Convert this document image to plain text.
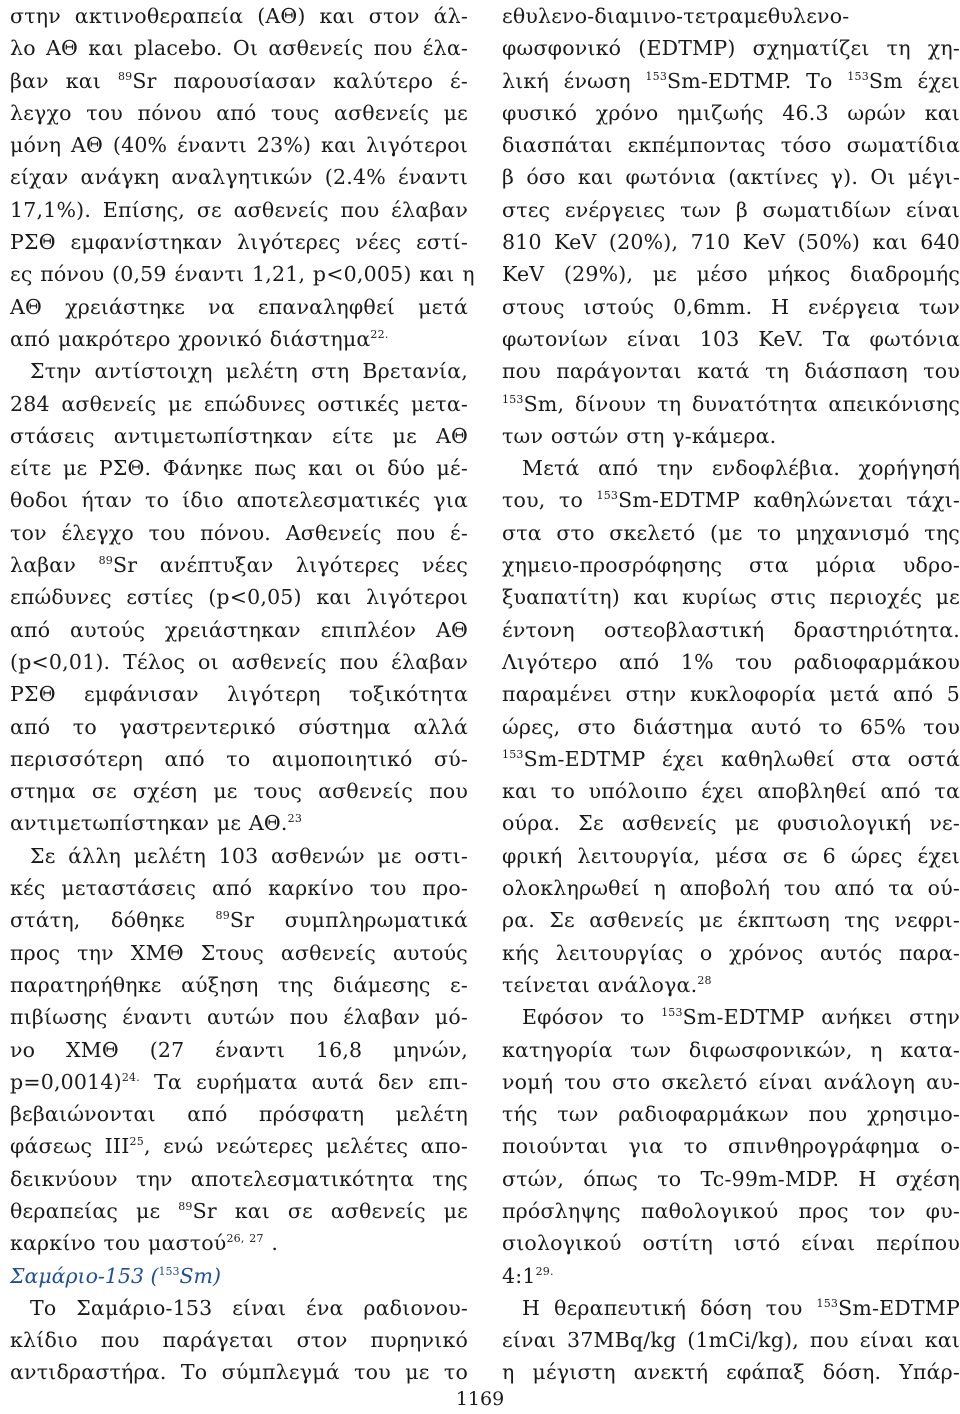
στην ακτινοθεραπεία (ΑΘ) και στον άλ-
λο ΑΘ και placebo. Οι ασθενείς που έλα-
βαν και $^{89}$Sr παρουσίασαν καλύτερο έ-
λεγχο του πόνου από τους ασθενείς με
μόνη ΑΘ (40% έναντι 23%) και λιγότεροι
είχαν ανάγκη αναλγητικών (2.4% έναντι
17,1%). Επίσης, σε ασθενείς που έλαβαν
ΡΣΘ εμφανίστηκαν λιγότερες νέες εστί-
ες πόνου (0,59 έναντι 1,21, p<0,005) και η
ΑΘ χρειάστηκε να επαναληφθεί μετά
από μακρότερο χρονικό διάστημα$^{22.}$
Στην αντίστοιχη μελέτη στη Βρετανία,
284 ασθενείς με επώδυνες οστικές μετα-
στάσεις αντιμετωπίστηκαν είτε με ΑΘ
είτε με ΡΣΘ. Φάνηκε πως και οι δύο μέ-
θοδοι ήταν το ίδιο αποτελεσματικές για
τον έλεγχο του πόνου. Ασθενείς που έ-
λαβαν $^{89}$Sr ανέπτυξαν λιγότερες νέες
επώδυνες εστίες (p<0,05) και λιγότεροι
από αυτούς χρειάστηκαν επιπλέον ΑΘ
(p<0,01). Τέλος οι ασθενείς που έλαβαν
ΡΣΘ εμφάνισαν λιγότερη τοξικότητα
από το γαστρεντερικό σύστημα αλλά
περισσότερη από το αιμοποιητικό σύ-
στημα σε σχέση με τους ασθενείς που
αντιμετωπίστηκαν με ΑΘ.$^{23}$
Σε άλλη μελέτη 103 ασθενών με οστι-
κές μεταστάσεις από καρκίνο του προ-
στάτη, δόθηκε $^{89}$Sr συμπληρωματικά
προς την ΧΜΘ Στους ασθενείς αυτούς
παρατηρήθηκε αύξηση της διάμεσης ε-
πιβίωσης έναντι αυτών που έλαβαν μό-
νο ΧΜΘ (27 έναντι 16,8 μηνών,
p=0,0014)$^{24.}$ Τα ευρήματα αυτά δεν επι-
βεβαιώνονται από πρόσφατη μελέτη
φάσεως ΙΙΙ$^{25}$, ενώ νεώτερες μελέτες απο-
δεικνύουν την αποτελεσματικότητα της
θεραπείας με $^{89}$Sr και σε ασθενείς με
καρκίνο του μαστού$^{26, 27}$ .
Σαμάριο-153 ($^{153}$Sm)
Το Σαμάριο-153 είναι ένα ραδιονου-
κλίδιο που παράγεται στον πυρηνικό
αντιδραστήρα. Το σύμπλεγμά του με το
εθυλενο-διαμινο-τετραμεθυλενο-
φωσφονικό (EDTMP) σχηματίζει τη χη-
λική ένωση $^{153}$Sm-EDTMP. Το $^{153}$Sm έχει
φυσικό χρόνο ημιζωής 46.3 ωρών και
διασπάται εκπέμποντας τόσο σωματίδια
β όσο και φωτόνια (ακτίνες γ). Οι μέγι-
στες ενέργειες των β σωματιδίων είναι
810 KeV (20%), 710 KeV (50%) και 640
KeV (29%), με μέσο μήκος διαδρομής
στους ιστούς 0,6mm. Η ενέργεια των
φωτονίων είναι 103 KeV. Τα φωτόνια
που παράγονται κατά τη διάσπαση του
$^{153}$Sm, δίνουν τη δυνατότητα απεικόνισης
των οστών στη γ-κάμερα.
Μετά από την ενδοφλέβια. χορήγησή
του, το $^{153}$Sm-EDTMP καθηλώνεται τάχι-
στα στο σκελετό (με το μηχανισμό της
χημειο-προσρόφησης στα μόρια υδρο-
ξυαπατίτη) και κυρίως στις περιοχές με
έντονη οστεοβλαστική δραστηριότητα.
Λιγότερο από 1% του ραδιοφαρμάκου
παραμένει στην κυκλοφορία μετά από 5
ώρες, στο διάστημα αυτό το 65% του
$^{153}$Sm-EDTMP έχει καθηλωθεί στα οστά
και το υπόλοιπο έχει αποβληθεί από τα
ούρα. Σε ασθενείς με φυσιολογική νε-
φρική λειτουργία, μέσα σε 6 ώρες έχει
ολοκληρωθεί η αποβολή του από τα ού-
ρα. Σε ασθενείς με έκπτωση της νεφρι-
κής λειτουργίας ο χρόνος αυτός παρα-
τείνεται ανάλογα.$^{28}$
Εφόσον το $^{153}$Sm-EDTMP ανήκει στην
κατηγορία των διφωσφονικών, η κατα-
νομή του στο σκελετό είναι ανάλογη αυ-
τής των ραδιοφαρμάκων που χρησιμο-
ποιούνται για το σπινθηρογράφημα ο-
στών, όπως το Tc-99m-MDP. Η σχέση
πρόσληψης παθολογικού προς τον φυ-
σιολογικού οστίτη ιστό είναι περίπου
$4:1^{29.}$
Η θεραπευτική δόση του $^{153}$Sm-EDTMP
είναι 37MBq/kg (1mCi/kg), που είναι και
η μέγιστη ανεκτή εφάπαξ δόση. Υπάρ-
1169
